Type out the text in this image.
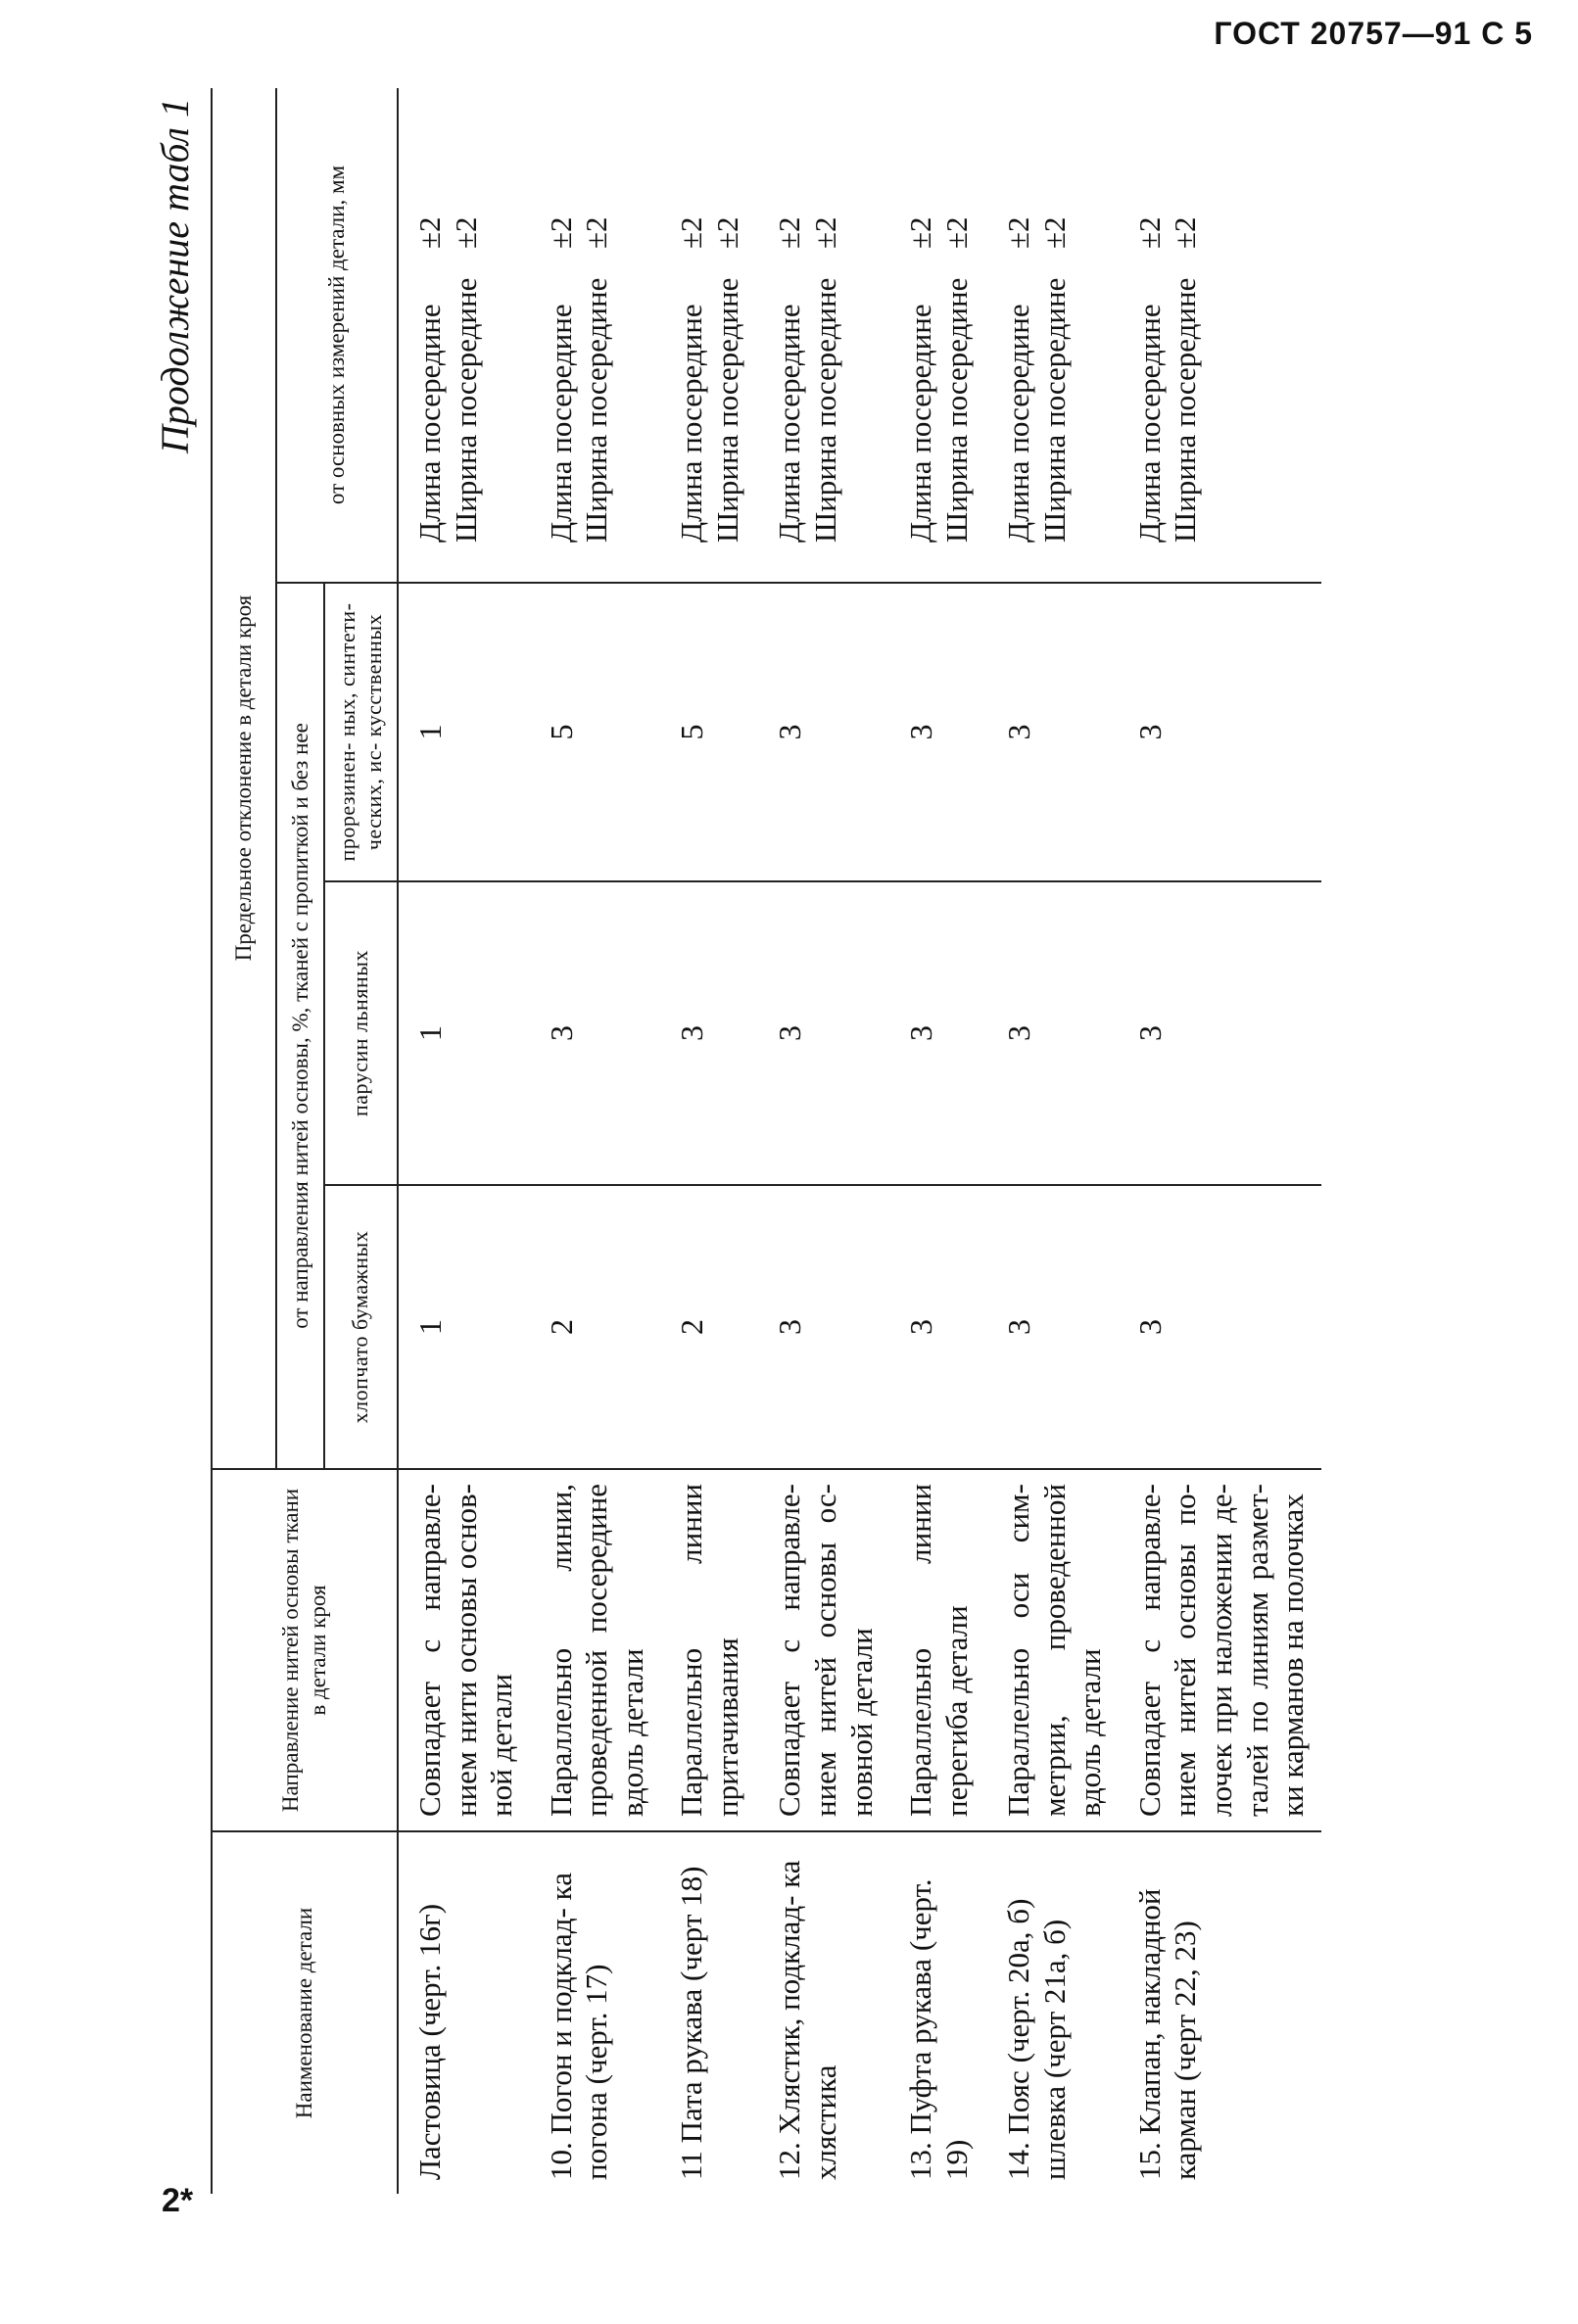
ГОСТ 20757—91 С 5
2*
Продолжение табл 1
Наименование детали	Направление нитей основы ткани в детали кроя	Предельное отклонение в детали кроя			
		от направления нитей основы, %, тканей с пропиткой и без нее			от основных измерений детали, мм
		хлопчато бумажных	парусин льняных	прорезинен- ных, синтети- ческих, ис- кусственных	
Ластовица (черт. 16г)	Совпадает с направле- нием нити основы основ- ной детали	1	1	1	Длина посередине±2
Ширина посередине±2

10. Погон и подклад- ка погона (черт. 17)	Параллельно линии, проведенной посередине вдоль детали	2	3	5	Длина посередине±2
Ширина посередине±2

11 Пата рукава (черт 18)	Параллельно линии притачивания	2	3	5	Длина посередине±2
Ширина посередине±2

12. Хлястик, подклад- ка хлястика	Совпадает с направле- нием нитей основы ос- новной детали	3	3	3	Длина посередине±2
Ширина посередине±2

13. Пуфта рукава (черт. 19)	Параллельно линии перегиба детали	3	3	3	Длина посередине±2
Ширина посередине±2

14. Пояс (черт. 20а, б) шлевка (черт 21а, б)	Параллельно оси сим- метрии, проведенной вдоль детали	3	3	3	Длина посередине±2
Ширина посередине±2

15. Клапан, накладной карман (черт 22, 23)	Совпадает с направле- нием нитей основы по- лочек при наложении де- талей по линиям размет- ки карманов на полочках	3	3	3	Длина посередине±2
Ширина посередине±2
